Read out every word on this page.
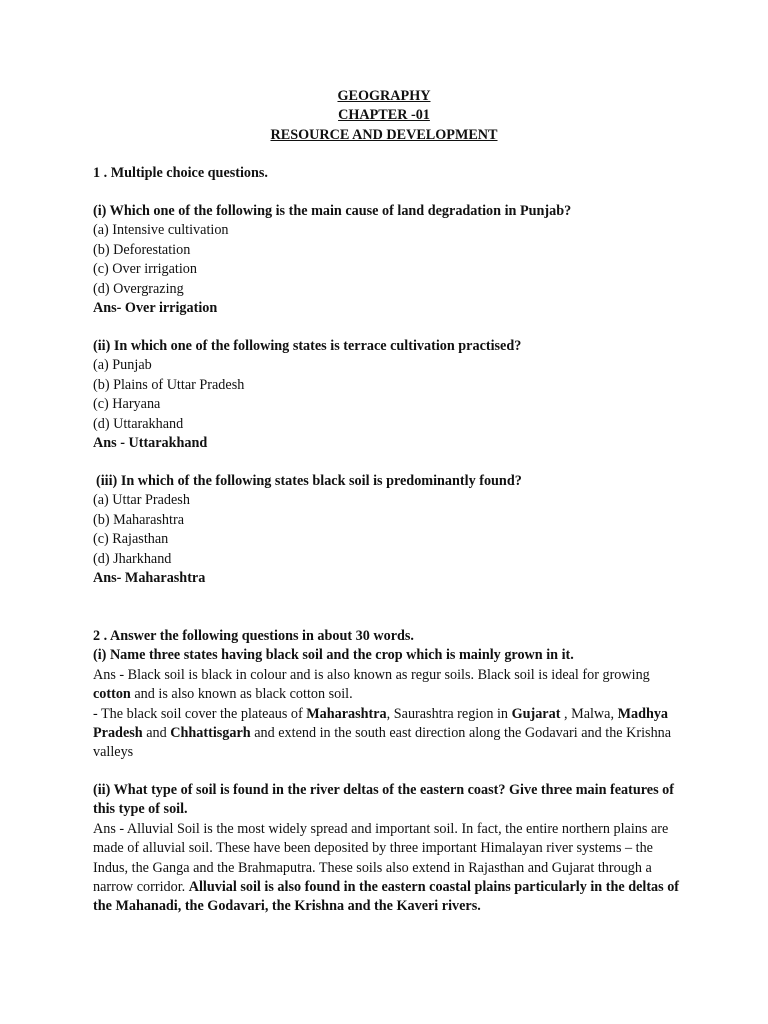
GEOGRAPHY
CHAPTER -01
RESOURCE AND DEVELOPMENT

1 . Multiple choice questions.

(i) Which one of the following is the main cause of land degradation in Punjab?

(a) Intensive cultivation

(b) Deforestation

(c) Over irrigation

(d) Overgrazing

Ans- Over irrigation

(ii) In which one of the following states is terrace cultivation practised?

(a) Punjab

(b) Plains of Uttar Pradesh

(c) Haryana

(d) Uttarakhand

Ans - Uttarakhand

(iii) In which of the following states black soil is predominantly found?

(a) Uttar Pradesh

(b) Maharashtra

(c) Rajasthan

(d) Jharkhand

Ans- Maharashtra

2 . Answer the following questions in about 30 words.

(i) Name three states having black soil and the crop which is mainly grown in it.

Ans - Black soil is black in colour and is also known as regur soils. Black soil is ideal for growing cotton and is also known as black cotton soil.

- The black soil cover the plateaus of Maharashtra, Saurashtra region in Gujarat , Malwa, Madhya Pradesh and Chhattisgarh and extend in the south east direction along the Godavari and the Krishna valleys

(ii) What type of soil is found in the river deltas of the eastern coast? Give three main features of this type of soil.

Ans - Alluvial Soil is the most widely spread and important soil. In fact, the entire northern plains are made of alluvial soil. These have been deposited by three important Himalayan river systems – the Indus, the Ganga and the Brahmaputra. These soils also extend in Rajasthan and Gujarat through a narrow corridor. Alluvial soil is also found in the eastern coastal plains particularly in the deltas of the Mahanadi, the Godavari, the Krishna and the Kaveri rivers.
